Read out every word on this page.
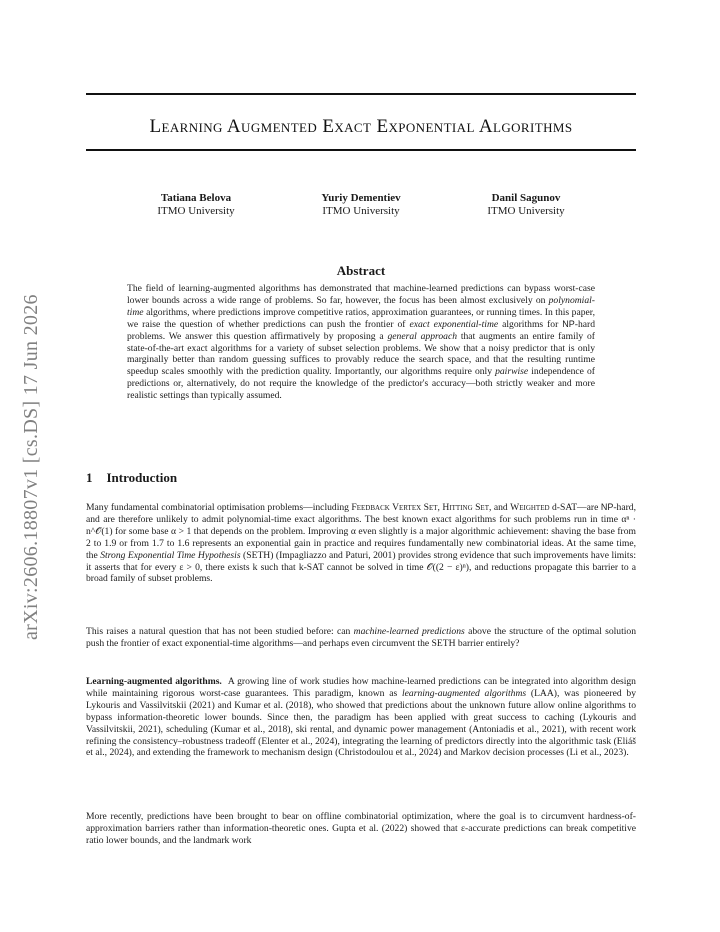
arXiv:2606.18807v1 [cs.DS] 17 Jun 2026
Learning Augmented Exact Exponential Algorithms
Tatiana Belova
ITMO University
Yuriy Dementiev
ITMO University
Danil Sagunov
ITMO University
Abstract
The field of learning-augmented algorithms has demonstrated that machine-learned predictions can bypass worst-case lower bounds across a wide range of problems. So far, however, the focus has been almost exclusively on polynomial-time algorithms, where predictions improve competitive ratios, approximation guarantees, or running times. In this paper, we raise the question of whether predictions can push the frontier of exact exponential-time algorithms for NP-hard problems. We answer this question affirmatively by proposing a general approach that augments an entire family of state-of-the-art exact algorithms for a variety of subset selection problems. We show that a noisy predictor that is only marginally better than random guessing suffices to provably reduce the search space, and that the resulting runtime speedup scales smoothly with the prediction quality. Importantly, our algorithms require only pairwise independence of predictions or, alternatively, do not require the knowledge of the predictor's accuracy—both strictly weaker and more realistic settings than typically assumed.
1 Introduction

Many fundamental combinatorial optimisation problems—including Feedback Vertex Set, Hitting Set, and Weighted d-SAT—are NP-hard, and are therefore unlikely to admit polynomial-time exact algorithms. The best known exact algorithms for such problems run in time αⁿ · n^𝒪(1) for some base α > 1 that depends on the problem. Improving α even slightly is a major algorithmic achievement: shaving the base from 2 to 1.9 or from 1.7 to 1.6 represents an exponential gain in practice and requires fundamentally new combinatorial ideas. At the same time, the Strong Exponential Time Hypothesis (SETH) (Impagliazzo and Paturi, 2001) provides strong evidence that such improvements have limits: it asserts that for every ε > 0, there exists k such that k-SAT cannot be solved in time 𝒪((2 − ε)ⁿ), and reductions propagate this barrier to a broad family of subset problems.

This raises a natural question that has not been studied before: can machine-learned predictions above the structure of the optimal solution push the frontier of exact exponential-time algorithms—and perhaps even circumvent the SETH barrier entirely?

Learning-augmented algorithms. A growing line of work studies how machine-learned predictions can be integrated into algorithm design while maintaining rigorous worst-case guarantees. This paradigm, known as learning-augmented algorithms (LAA), was pioneered by Lykouris and Vassilvitskii (2021) and Kumar et al. (2018), who showed that predictions about the unknown future allow online algorithms to bypass information-theoretic lower bounds. Since then, the paradigm has been applied with great success to caching (Lykouris and Vassilvitskii, 2021), scheduling (Kumar et al., 2018), ski rental, and dynamic power management (Antoniadis et al., 2021), with recent work refining the consistency–robustness tradeoff (Elenter et al., 2024), integrating the learning of predictors directly into the algorithmic task (Eliáš et al., 2024), and extending the framework to mechanism design (Christodoulou et al., 2024) and Markov decision processes (Li et al., 2023).

More recently, predictions have been brought to bear on offline combinatorial optimization, where the goal is to circumvent hardness-of-approximation barriers rather than information-theoretic ones. Gupta et al. (2022) showed that ε-accurate predictions can break competitive ratio lower bounds, and the landmark work
